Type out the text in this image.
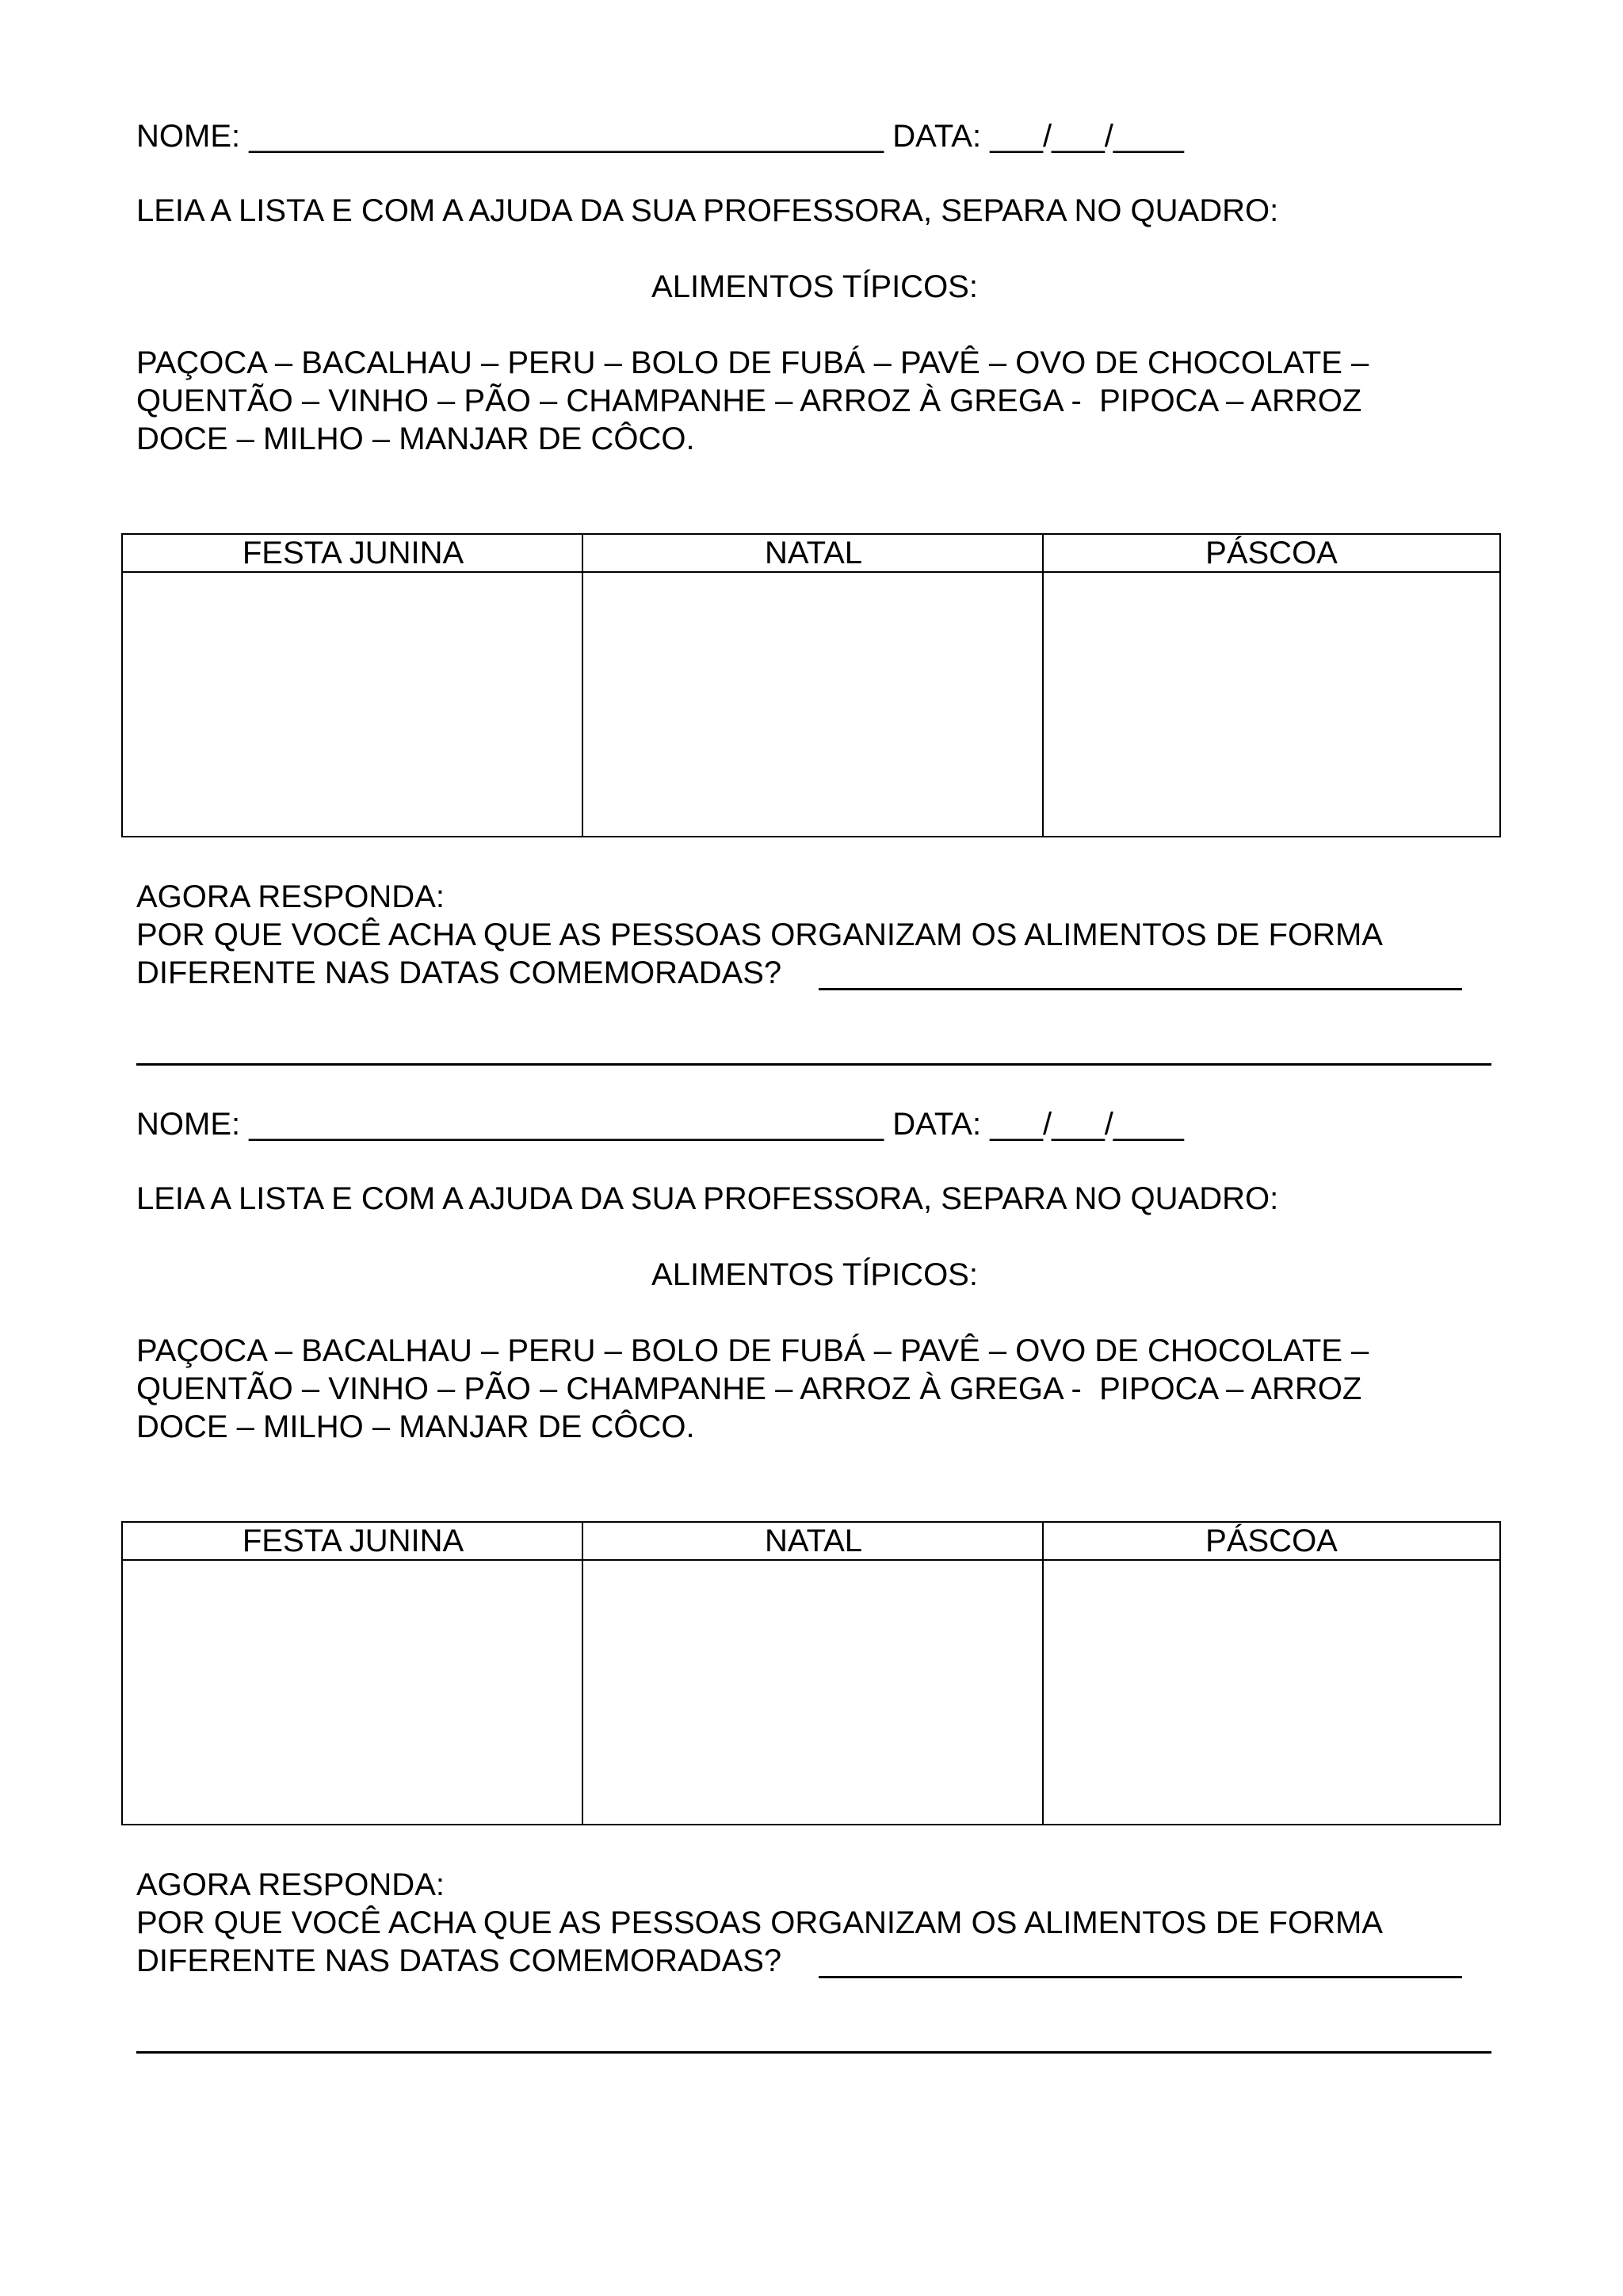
NOME: ____________________________________ DATA: ___/___/____
LEIA A LISTA E COM A AJUDA DA SUA PROFESSORA, SEPARA NO QUADRO:
ALIMENTOS TÍPICOS:
PAÇOCA – BACALHAU – PERU – BOLO DE FUBÁ – PAVÊ – OVO DE CHOCOLATE –
QUENTÃO – VINHO – PÃO – CHAMPANHE – ARROZ À GREGA -  PIPOCA – ARROZ
DOCE – MILHO – MANJAR DE CÔCO.
FESTA JUNINA	NATAL	PÁSCOA
AGORA RESPONDA:
POR QUE VOCÊ ACHA QUE AS PESSOAS ORGANIZAM OS ALIMENTOS DE FORMA
DIFERENTE NAS DATAS COMEMORADAS?
NOME: ____________________________________ DATA: ___/___/____
LEIA A LISTA E COM A AJUDA DA SUA PROFESSORA, SEPARA NO QUADRO:
ALIMENTOS TÍPICOS:
PAÇOCA – BACALHAU – PERU – BOLO DE FUBÁ – PAVÊ – OVO DE CHOCOLATE –
QUENTÃO – VINHO – PÃO – CHAMPANHE – ARROZ À GREGA -  PIPOCA – ARROZ
DOCE – MILHO – MANJAR DE CÔCO.
FESTA JUNINA	NATAL	PÁSCOA
AGORA RESPONDA:
POR QUE VOCÊ ACHA QUE AS PESSOAS ORGANIZAM OS ALIMENTOS DE FORMA
DIFERENTE NAS DATAS COMEMORADAS?
